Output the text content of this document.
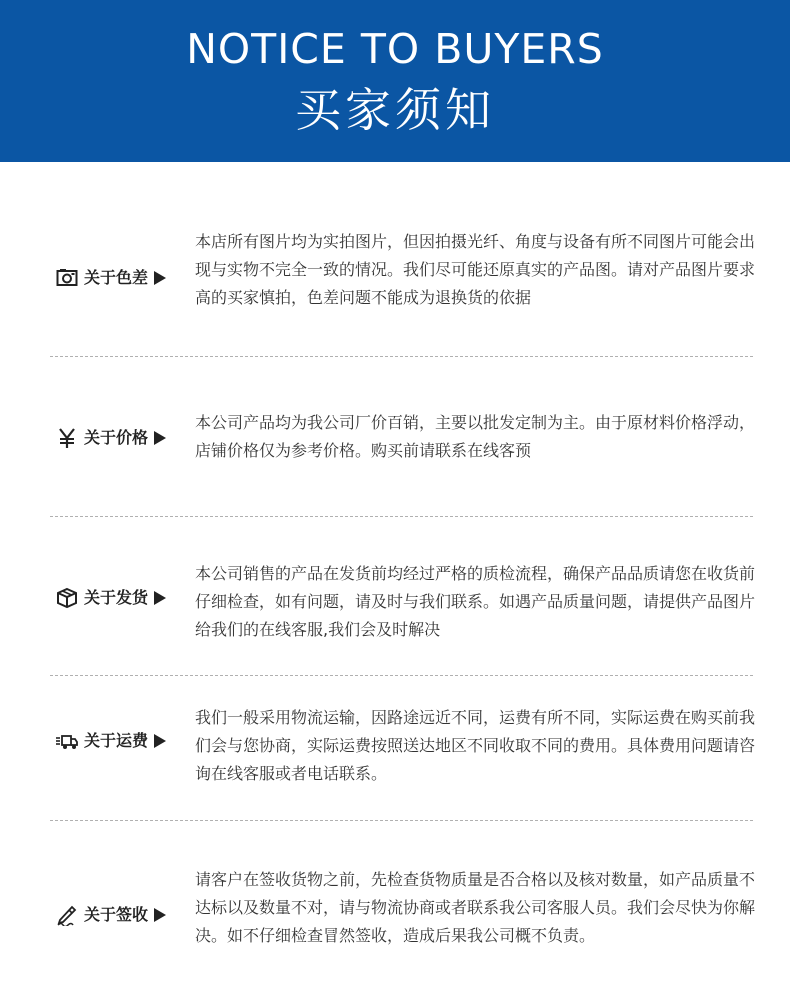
NOTICE TO BUYERS
买家须知
关于色差

本店所有图片均为实拍图片，但因拍摄光纤、角度与设备有所不同图片可能会出现与实物不完全一致的情况。我们尽可能还原真实的产品图。请对产品图片要求高的买家慎拍，色差问题不能成为退换货的依据

关于价格

本公司产品均为我公司厂价百销，主要以批发定制为主。由于原材料价格浮动，店铺价格仅为参考价格。购买前请联系在线客预

关于发货

本公司销售的产品在发货前均经过严格的质检流程，确保产品品质请您在收货前仔细检查，如有问题，请及时与我们联系。如遇产品质量问题，请提供产品图片给我们的在线客服,我们会及时解决

关于运费

我们一般采用物流运输，因路途远近不同，运费有所不同，实际运费在购买前我们会与您协商，实际运费按照送达地区不同收取不同的费用。具体费用问题请咨询在线客服或者电话联系。

关于签收

请客户在签收货物之前，先检查货物质量是否合格以及核对数量，如产品质量不达标以及数量不对，请与物流协商或者联系我公司客服人员。我们会尽快为你解决。如不仔细检查冒然签收，造成后果我公司概不负责。
